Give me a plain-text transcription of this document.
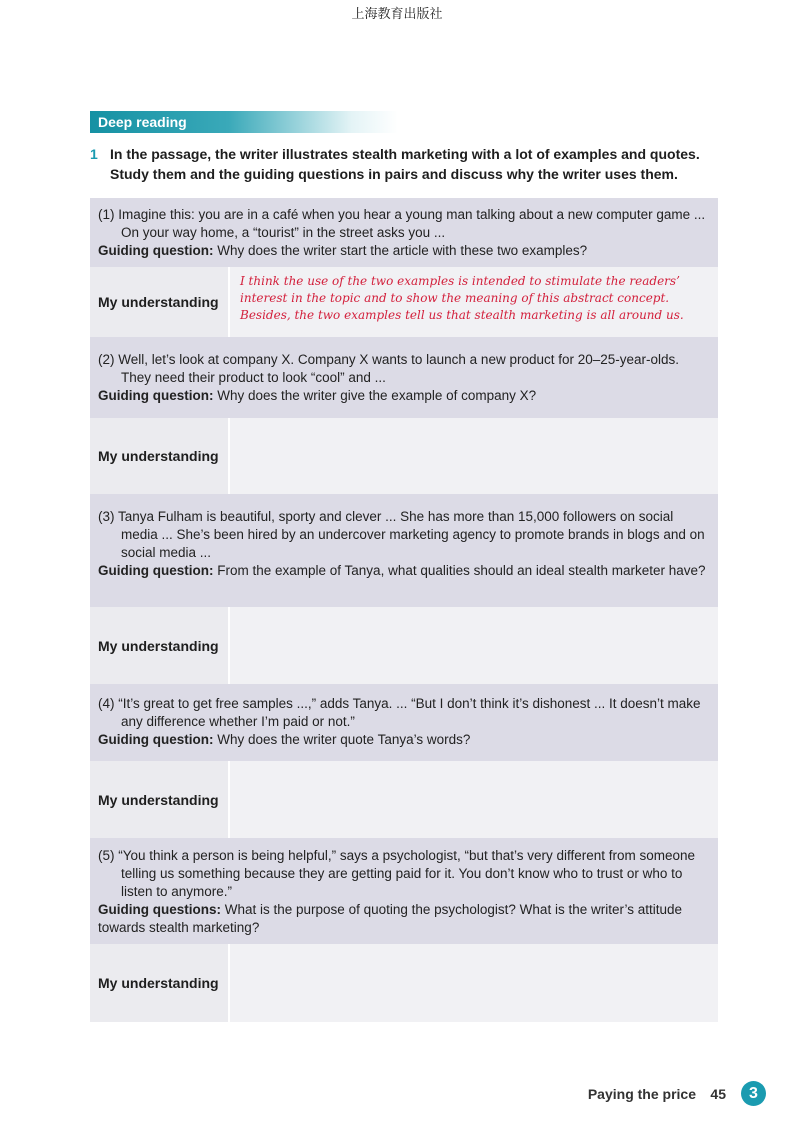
上海教育出版社
Deep reading
1 In the passage, the writer illustrates stealth marketing with a lot of examples and quotes. Study them and the guiding questions in pairs and discuss why the writer uses them.
(1) Imagine this: you are in a café when you hear a young man talking about a new computer game ... On your way home, a “tourist” in the street asks you ...
Guiding question: Why does the writer start the article with these two examples?
My understanding
I think the use of the two examples is intended to stimulate the readers’ interest in the topic and to show the meaning of this abstract concept. Besides, the two examples tell us that stealth marketing is all around us.
(2) Well, let’s look at company X. Company X wants to launch a new product for 20–25-year-olds. They need their product to look “cool” and ...
Guiding question: Why does the writer give the example of company X?
My understanding
(3) Tanya Fulham is beautiful, sporty and clever ... She has more than 15,000 followers on social media ... She’s been hired by an undercover marketing agency to promote brands in blogs and on social media ...
Guiding question: From the example of Tanya, what qualities should an ideal stealth marketer have?
My understanding
(4) “It’s great to get free samples ...,” adds Tanya. ... “But I don’t think it’s dishonest ... It doesn’t make any difference whether I’m paid or not.”
Guiding question: Why does the writer quote Tanya’s words?
My understanding
(5) “You think a person is being helpful,” says a psychologist, “but that’s very different from someone telling us something because they are getting paid for it. You don’t know who to trust or who to listen to anymore.”
Guiding questions: What is the purpose of quoting the psychologist? What is the writer’s attitude towards stealth marketing?
My understanding
Paying the price 45	3
